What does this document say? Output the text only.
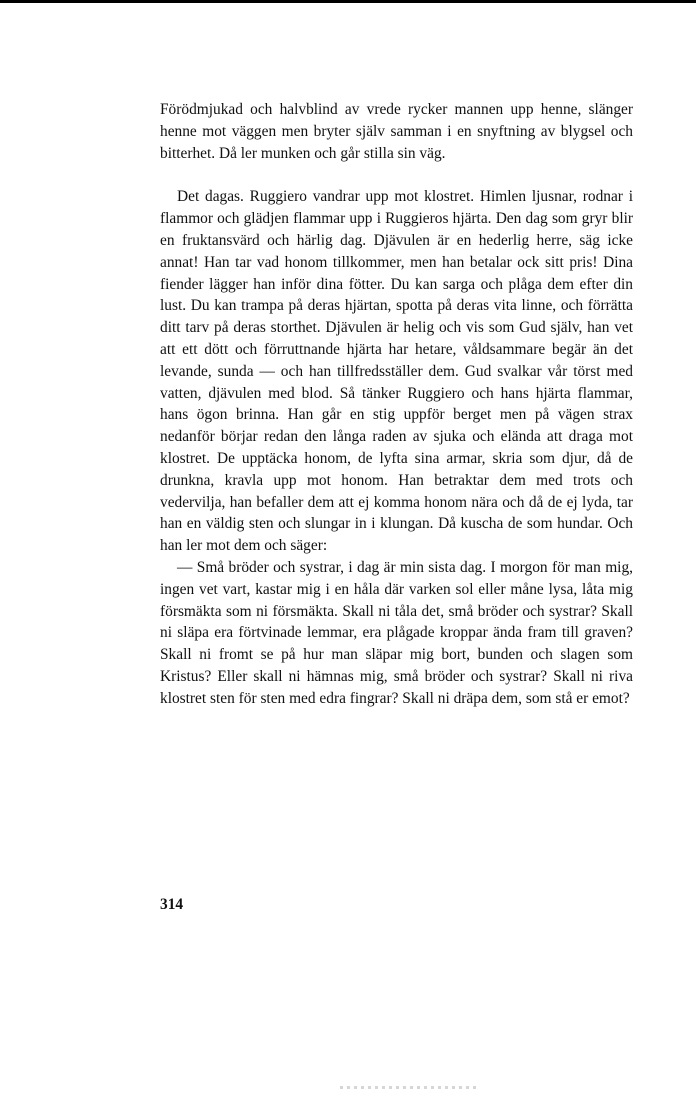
Förödmjukad och halvblind av vrede rycker mannen upp henne, slänger henne mot väggen men bryter själv samman i en snyftning av blygsel och bitterhet. Då ler munken och går stilla sin väg.

Det dagas. Ruggiero vandrar upp mot klostret. Himlen ljusnar, rodnar i flammor och glädjen flammar upp i Ruggieros hjärta. Den dag som gryr blir en fruktansvärd och härlig dag. Djävulen är en hederlig herre, säg icke annat! Han tar vad honom tillkommer, men han betalar ock sitt pris! Dina fiender lägger han inför dina fötter. Du kan sarga och plåga dem efter din lust. Du kan trampa på deras hjärtan, spotta på deras vita linne, och förrätta ditt tarv på deras storthet. Djävulen är helig och vis som Gud själv, han vet att ett dött och förruttnande hjärta har hetare, våldsammare begär än det levande, sunda — och han tillfredsställer dem. Gud svalkar vår törst med vatten, djävulen med blod. Så tänker Ruggiero och hans hjärta flammar, hans ögon brinna. Han går en stig uppför berget men på vägen strax nedanför börjar redan den långa raden av sjuka och elända att draga mot klostret. De upptäcka honom, de lyfta sina armar, skria som djur, då de drunkna, kravla upp mot honom. Han betraktar dem med trots och vedervilja, han befaller dem att ej komma honom nära och då de ej lyda, tar han en väldig sten och slungar in i klungan. Då kuscha de som hundar. Och han ler mot dem och säger:

— Små bröder och systrar, i dag är min sista dag. I morgon för man mig, ingen vet vart, kastar mig i en håla där varken sol eller måne lysa, låta mig försmäkta som ni försmäkta. Skall ni tåla det, små bröder och systrar? Skall ni släpa era förtvinade lemmar, era plågade kroppar ända fram till graven? Skall ni fromt se på hur man släpar mig bort, bunden och slagen som Kristus? Eller skall ni hämnas mig, små bröder och systrar? Skall ni riva klostret sten för sten med edra fingrar? Skall ni dräpa dem, som stå er emot?

314
